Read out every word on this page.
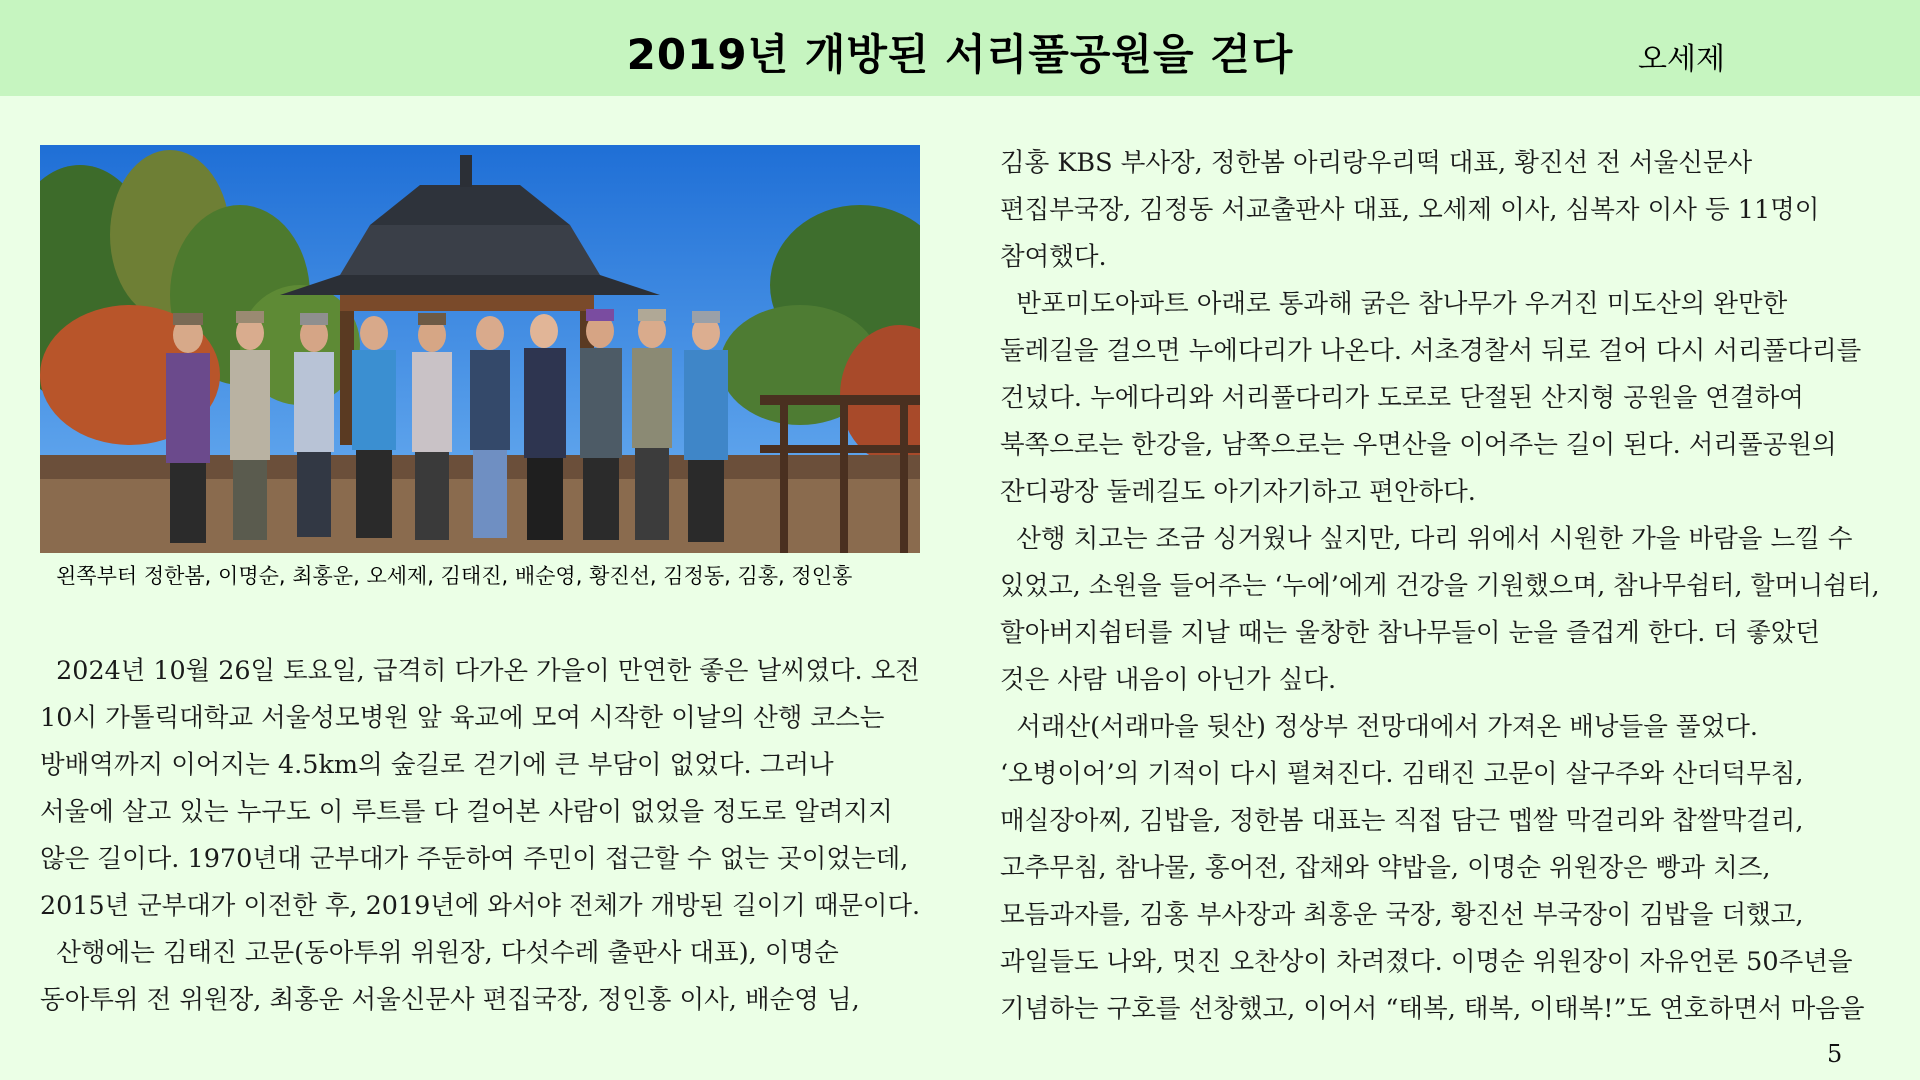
2019년 개방된 서리풀공원을 걷다	오세제
왼쪽부터 정한봄, 이명순, 최홍운, 오세제, 김태진, 배순영, 황진선, 김정동, 김홍, 정인홍
2024년 10월 26일 토요일, 급격히 다가온 가을이 만연한 좋은 날씨였다. 오전
10시 가톨릭대학교 서울성모병원 앞 육교에 모여 시작한 이날의 산행 코스는
방배역까지 이어지는 4.5km의 숲길로 걷기에 큰 부담이 없었다. 그러나
서울에 살고 있는 누구도 이 루트를 다 걸어본 사람이 없었을 정도로 알려지지
않은 길이다. 1970년대 군부대가 주둔하여 주민이 접근할 수 없는 곳이었는데,
2015년 군부대가 이전한 후, 2019년에 와서야 전체가 개방된 길이기 때문이다.
산행에는 김태진 고문(동아투위 위원장, 다섯수레 출판사 대표), 이명순
동아투위 전 위원장, 최홍운 서울신문사 편집국장, 정인홍 이사, 배순영 님,
김홍 KBS 부사장, 정한봄 아리랑우리떡 대표, 황진선 전 서울신문사
편집부국장, 김정동 서교출판사 대표, 오세제 이사, 심복자 이사 등 11명이
참여했다.
반포미도아파트 아래로 통과해 굵은 참나무가 우거진 미도산의 완만한
둘레길을 걸으면 누에다리가 나온다. 서초경찰서 뒤로 걸어 다시 서리풀다리를
건넜다. 누에다리와 서리풀다리가 도로로 단절된 산지형 공원을 연결하여
북쪽으로는 한강을, 남쪽으로는 우면산을 이어주는 길이 된다. 서리풀공원의
잔디광장 둘레길도 아기자기하고 편안하다.
산행 치고는 조금 싱거웠나 싶지만, 다리 위에서 시원한 가을 바람을 느낄 수
있었고, 소원을 들어주는 ‘누에’에게 건강을 기원했으며, 참나무쉼터, 할머니쉼터,
할아버지쉼터를 지날 때는 울창한 참나무들이 눈을 즐겁게 한다. 더 좋았던
것은 사람 내음이 아닌가 싶다.
서래산(서래마을 뒷산) 정상부 전망대에서 가져온 배낭들을 풀었다.
‘오병이어’의 기적이 다시 펼쳐진다. 김태진 고문이 살구주와 산더덕무침,
매실장아찌, 김밥을, 정한봄 대표는 직접 담근 멥쌀 막걸리와 찹쌀막걸리,
고추무침, 참나물, 홍어전, 잡채와 약밥을, 이명순 위원장은 빵과 치즈,
모듬과자를, 김홍 부사장과 최홍운 국장, 황진선 부국장이 김밥을 더했고,
과일들도 나와, 멋진 오찬상이 차려졌다. 이명순 위원장이 자유언론 50주년을
기념하는 구호를 선창했고, 이어서 “태복, 태복, 이태복!”도 연호하면서 마음을
5
